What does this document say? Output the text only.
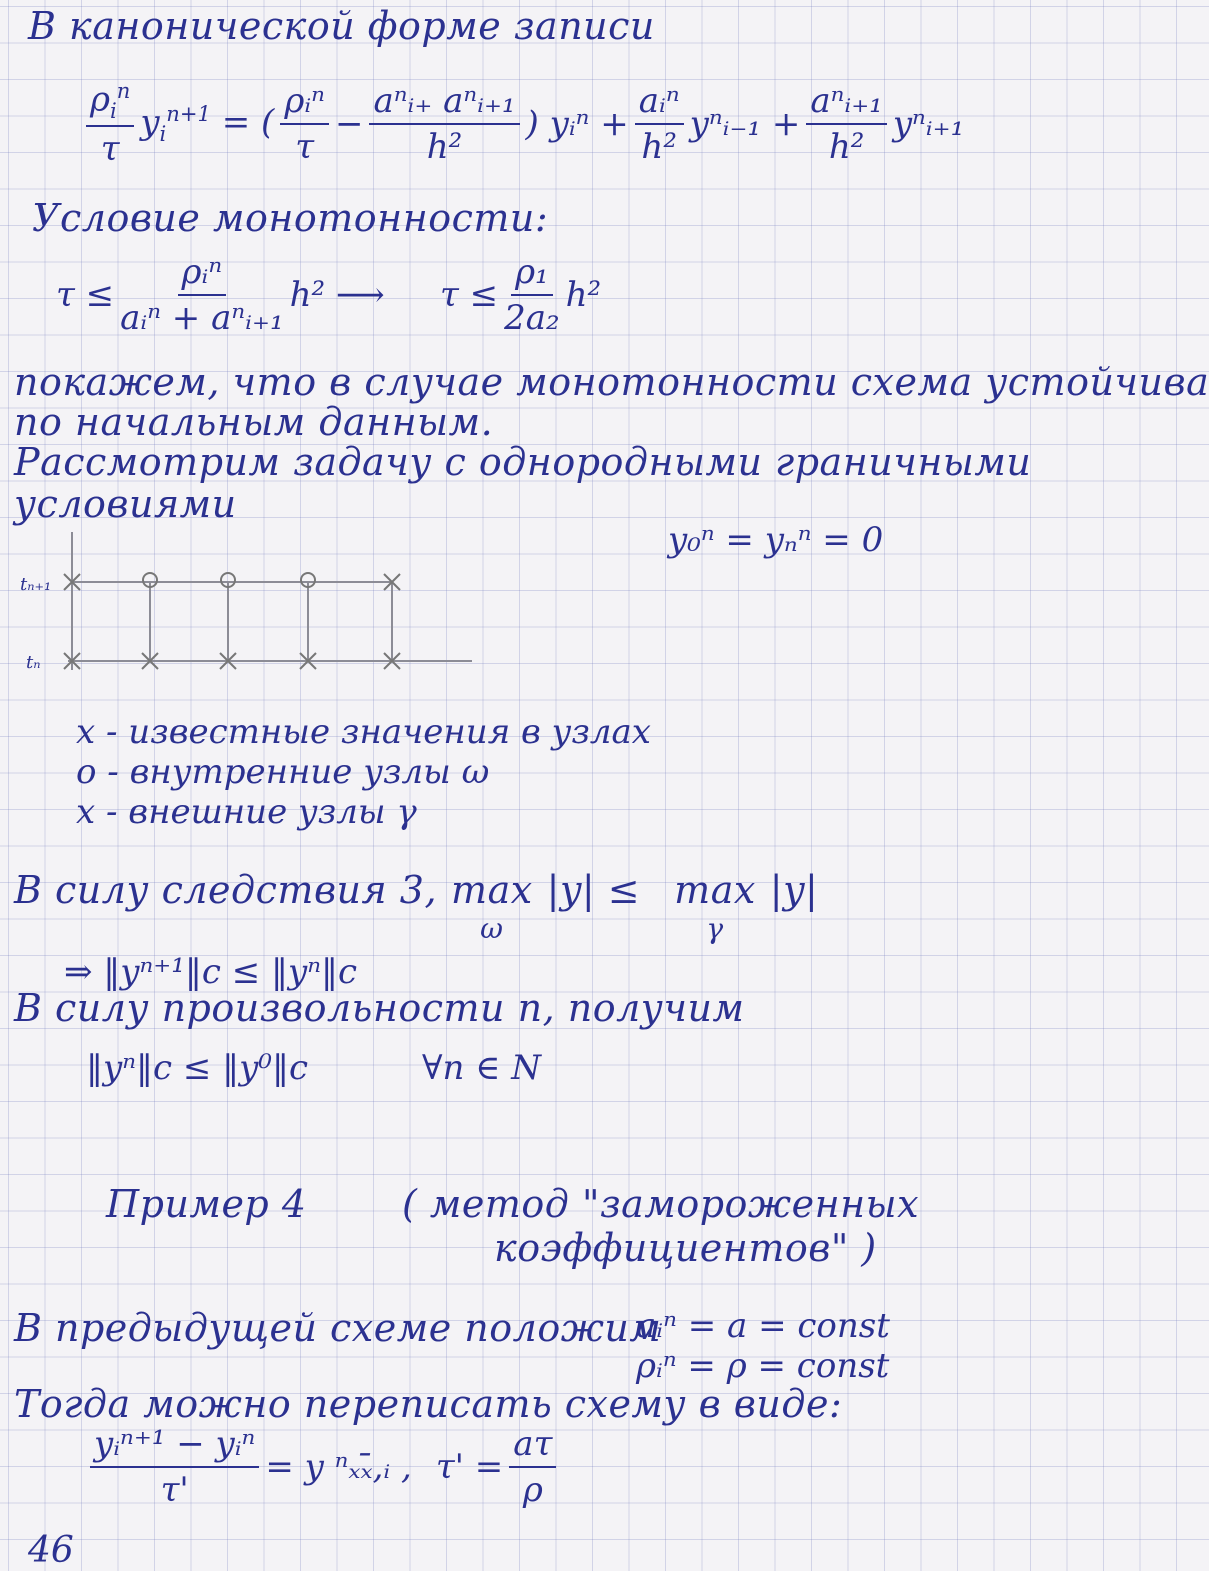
В канонической форме записи
$\frac{\rho_i^n}{\tau} y_i^{n+1}$ = ( $\frac{\text{ρᵢⁿ}}{\tau} - \frac{\text{aⁿᵢ₊ aⁿᵢ₊₁}}{\text{h²}}$ ) yᵢⁿ + $\frac{\text{aᵢⁿ}}{\text{h²}}$ yⁿᵢ₋₁ + $\frac{\text{aⁿᵢ₊₁}}{\text{h²}}$ yⁿᵢ₊₁
Условие монотонности:
$\tau \le \frac{\text{ρᵢⁿ}}{\text{aᵢⁿ + aⁿᵢ₊₁}} h^2$ ⟶ $\tau \le \frac{\text{ρ₁}}{\text{2a₂}} h^2$
покажем, что в случае монотонности схема устойчива
по начальным данным.
Рассмотрим задачу с однородными граничными
условиями
y₀ⁿ = yₙⁿ = 0
tₙ₊₁
tₙ
x - известные значения в узлах
o - внутренние узлы ω
x - внешние узлы γ
В силу следствия 3, max
ω
|y| ≤ max
γ
|y|
⇒ ‖yⁿ⁺¹‖c ≤ ‖yⁿ‖c
В силу произвольности n, получим
‖yⁿ‖c ≤ ‖y⁰‖c	∀n ∈ N
Пример 4	( метод "замороженных
коэффициентов" )
В предыдущей схеме положим
aᵢⁿ = a = const
ρᵢⁿ = ρ = const
Тогда можно переписать схему в виде:
$\frac{\text{yᵢⁿ⁺¹ − yᵢⁿ}}{\tau'} = y$ ⁿₓₓ̄,ᵢ , $\tau' = \frac{a\tau}{\rho}$
46
